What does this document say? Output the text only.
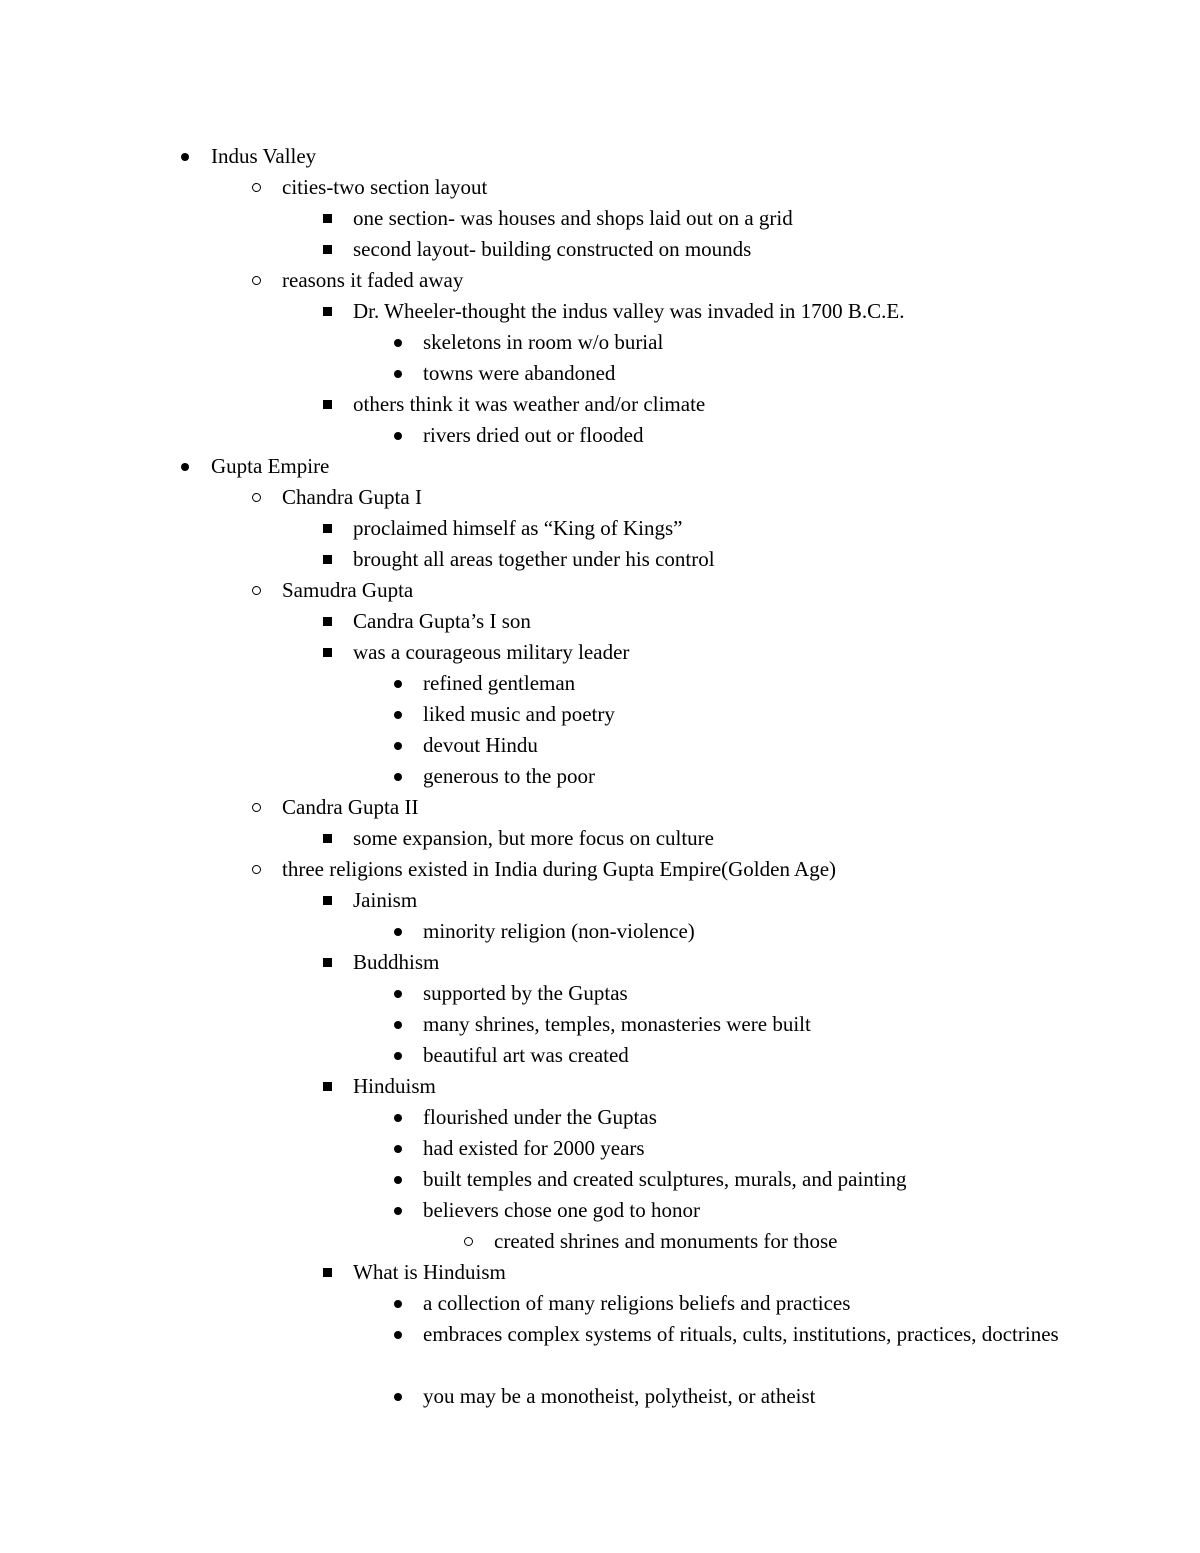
Indus Valley
cities-two section layout
one section- was houses and shops laid out on a grid
second layout- building constructed on mounds
reasons it faded away
Dr. Wheeler-thought the indus valley was invaded in 1700 B.C.E.
skeletons in room w/o burial
towns were abandoned
others think it was weather and/or climate
rivers dried out or flooded
Gupta Empire
Chandra Gupta I
proclaimed himself as “King of Kings”
brought all areas together under his control
Samudra Gupta
Candra Gupta’s I son
was a courageous military leader
refined gentleman
liked music and poetry
devout Hindu
generous to the poor
Candra Gupta II
some expansion, but more focus on culture
three religions existed in India during Gupta Empire(Golden Age)
Jainism
minority religion (non-violence)
Buddhism
supported by the Guptas
many shrines, temples, monasteries were built
beautiful art was created
Hinduism
flourished under the Guptas
had existed for 2000 years
built temples and created sculptures, murals, and painting
believers chose one god to honor
created shrines and monuments for those
What is Hinduism
a collection of many religions beliefs and practices
embraces complex systems of rituals, cults, institutions, practices, doctrines
you may be a monotheist, polytheist, or atheist
